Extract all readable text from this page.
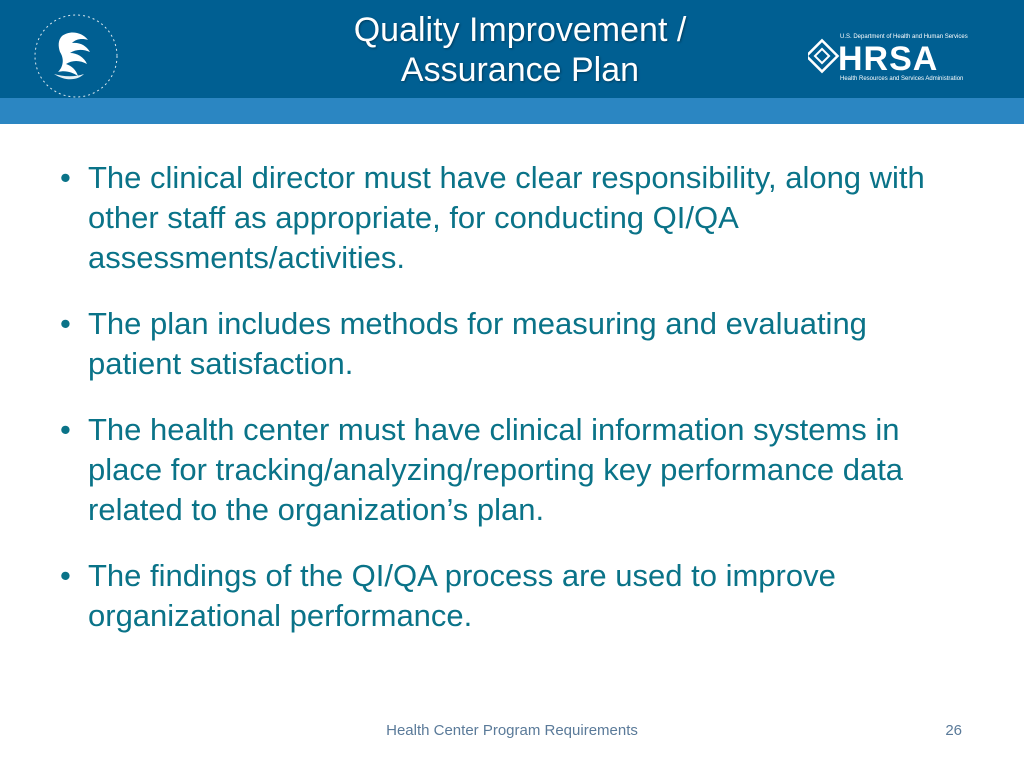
Quality Improvement /
Assurance Plan
U.S. Department of Health and Human Services
HRSA
Health Resources and Services Administration
• The clinical director must have clear responsibility, along with other staff as appropriate, for conducting QI/QA assessments/activities.
• The plan includes methods for measuring and evaluating patient satisfaction.
• The health center must have clinical information systems in place for tracking/analyzing/reporting key performance data related to the organization’s plan.
• The findings of the QI/QA process are used to improve organizational performance.
Health Center Program Requirements	26
